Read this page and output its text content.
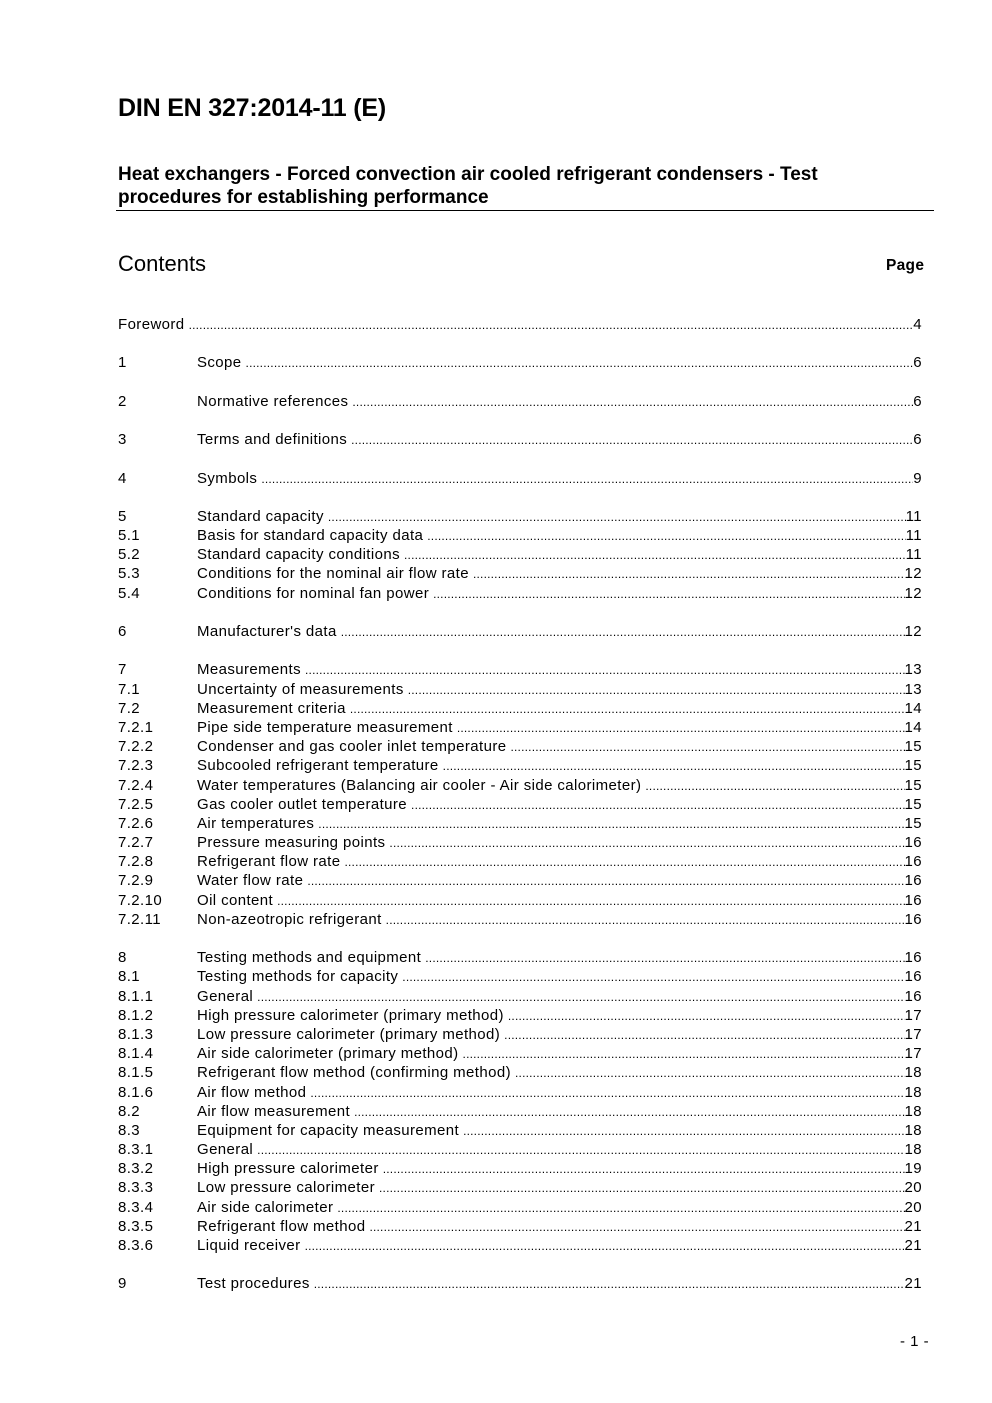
DIN EN 327:2014-11 (E)
Heat exchangers - Forced convection air cooled refrigerant condensers - Test procedures for establishing performance
Contents	Page
Foreword .....	4
1	Scope .....	6
2	Normative references .....	6
3	Terms and definitions .....	6
4	Symbols .....	9
5	Standard capacity .....	11
5.1	Basis for standard capacity data .....	11
5.2	Standard capacity conditions .....	11
5.3	Conditions for the nominal air flow rate .....	12
5.4	Conditions for nominal fan power .....	12
6	Manufacturer's data .....	12
7	Measurements .....	13
7.1	Uncertainty of measurements .....	13
7.2	Measurement criteria .....	14
7.2.1	Pipe side temperature measurement .....	14
7.2.2	Condenser and gas cooler inlet temperature .....	15
7.2.3	Subcooled refrigerant temperature .....	15
7.2.4	Water temperatures (Balancing air cooler - Air side calorimeter) .....	15
7.2.5	Gas cooler outlet temperature .....	15
7.2.6	Air temperatures .....	15
7.2.7	Pressure measuring points .....	16
7.2.8	Refrigerant flow rate .....	16
7.2.9	Water flow rate .....	16
7.2.10	Oil content .....	16
7.2.11	Non-azeotropic refrigerant .....	16
8	Testing methods and equipment .....	16
8.1	Testing methods for capacity .....	16
8.1.1	General .....	16
8.1.2	High pressure calorimeter (primary method) .....	17
8.1.3	Low pressure calorimeter (primary method) .....	17
8.1.4	Air side calorimeter (primary method) .....	17
8.1.5	Refrigerant flow method (confirming method) .....	18
8.1.6	Air flow method .....	18
8.2	Air flow measurement .....	18
8.3	Equipment for capacity measurement .....	18
8.3.1	General .....	18
8.3.2	High pressure calorimeter .....	19
8.3.3	Low pressure calorimeter .....	20
8.3.4	Air side calorimeter .....	20
8.3.5	Refrigerant flow method .....	21
8.3.6	Liquid receiver .....	21
9	Test procedures .....	21
- 1 -
